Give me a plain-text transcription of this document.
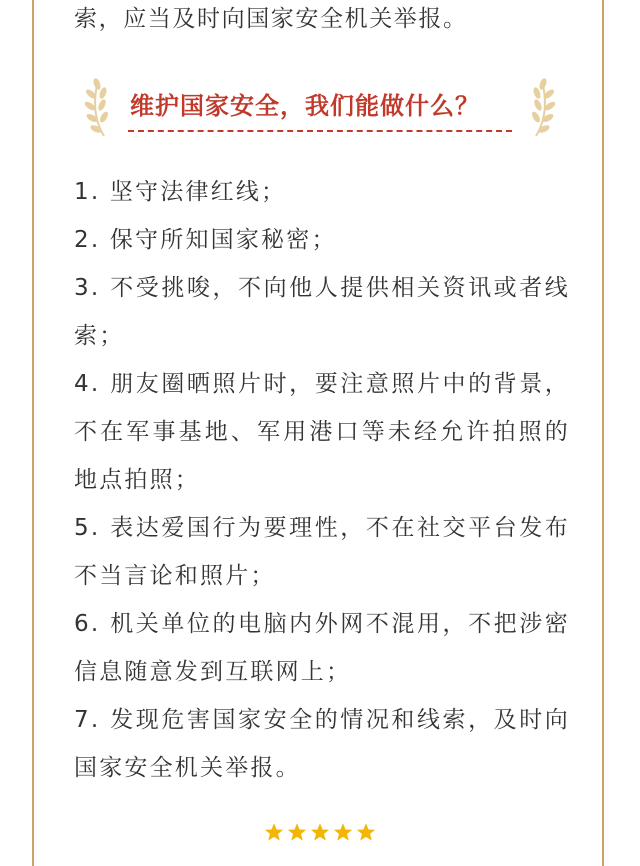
索，应当及时向国家安全机关举报。
维护国家安全，我们能做什么？

1. 坚守法律红线；

2. 保守所知国家秘密；

3. 不受挑唆，不向他人提供相关资讯或者线索；

4. 朋友圈晒照片时，要注意照片中的背景，不在军事基地、军用港口等未经允许拍照的地点拍照；

5. 表达爱国行为要理性，不在社交平台发布不当言论和照片；

6. 机关单位的电脑内外网不混用，不把涉密信息随意发到互联网上；

7. 发现危害国家安全的情况和线索，及时向国家安全机关举报。
